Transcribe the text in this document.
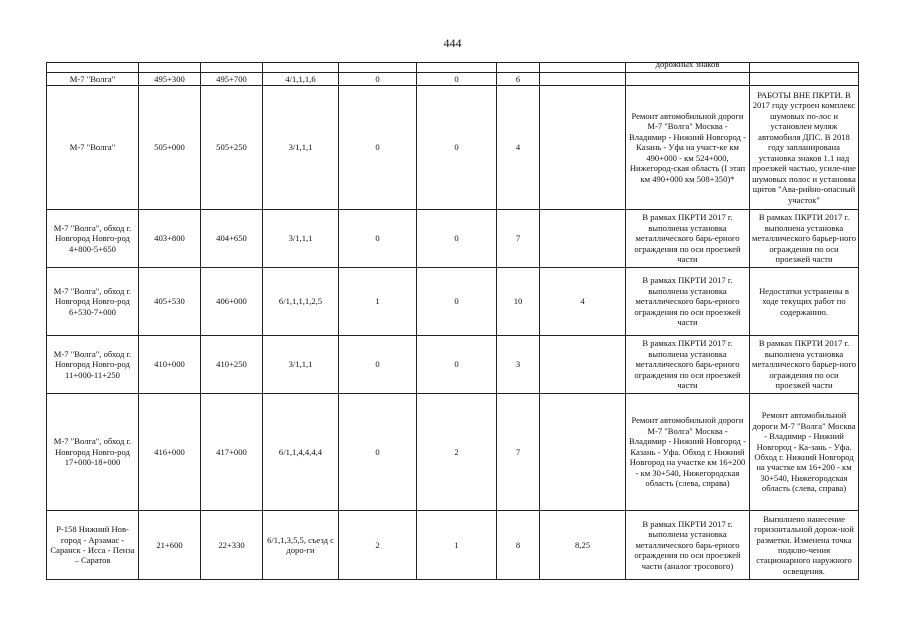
444

								дорожных знаков	

М-7 "Волга"	495+300	495+700	4/1,1,1,6	0	0	6			

М-7 "Волга"	505+000	505+250	3/1,1,1	0	0	4		Ремонт автомобильной дороги М-7 "Волга" Москва - Владимир - Нижний Новгород - Казань - Уфа на участ-ке км 490+000 - км 524+000, Нижегород-ская область (I этап км 490+000 км 508+350)*	РАБОТЫ ВНЕ ПКРТИ. В 2017 году устроен комплекс шумовых по-лос и установлен муляж автомобиля ДПС. В 2018 году запланирована установка знаков 1.1 над проезжей частью, усиле-ние шумовых полос и установка щитов "Ава-рийно-опасный участок"

М-7 "Волга", обход г. Новгород Новго-род 4+800-5+650	403+800	404+650	3/1,1,1	0	0	7		В рамках ПКРТИ 2017 г. выполнена установка металлического барь-ерного ограждения по оси проезжей части	В рамках ПКРТИ 2017 г. выполнена установка металлического барьер-ного ограждения по оси проезжей части

М-7 "Волга", обход г. Новгород Новго-род 6+530-7+000	405+530	406+000	6/1,1,1,1,2,5	1	0	10	4	В рамках ПКРТИ 2017 г. выполнена установка металлического барь-ерного ограждения по оси проезжей части	Недостатки устранены в ходе текущих работ по содержанию.

М-7 "Волга", обход г. Новгород Новго-род 11+000-11+250	410+000	410+250	3/1,1,1	0	0	3		В рамках ПКРТИ 2017 г. выполнена установка металлического барь-ерного ограждения по оси проезжей части	В рамках ПКРТИ 2017 г. выполнена установка металлического барьер-ного ограждения по оси проезжей части

М-7 "Волга", обход г. Новгород Новго-род 17+000-18+000	416+000	417+000	6/1,1,4,4,4,4	0	2	7		Ремонт автомобильной дороги М-7 "Волга" Москва - Владимир - Нижний Новгород - Казань - Уфа. Обход г. Нижний Новгород на участке км 16+200 - км 30+540, Нижегородская область (слева, справа)	Ремонт автомобильной дороги М-7 "Волга" Москва - Владимир - Нижний Новгород - Ка-зань - Уфа. Обход г. Нижний Новгород на участке км 16+200 - км 30+540, Нижегородская область (слева, справа)

Р-158 Нижний Нов-город - Арзамас - Саранск - Исса - Пенза – Саратов	21+600	22+330	6/1,1,3,5,5, съезд с доро-ги	2	1	8	8,25	В рамках ПКРТИ 2017 г. выполнена установка металлического барь-ерного ограждения по оси проезжей части (аналог тросового)	Выполнено нанесение горизонтальной дорож-ной разметки. Изменена точка подклю-чения стационарного наружного освещения.
